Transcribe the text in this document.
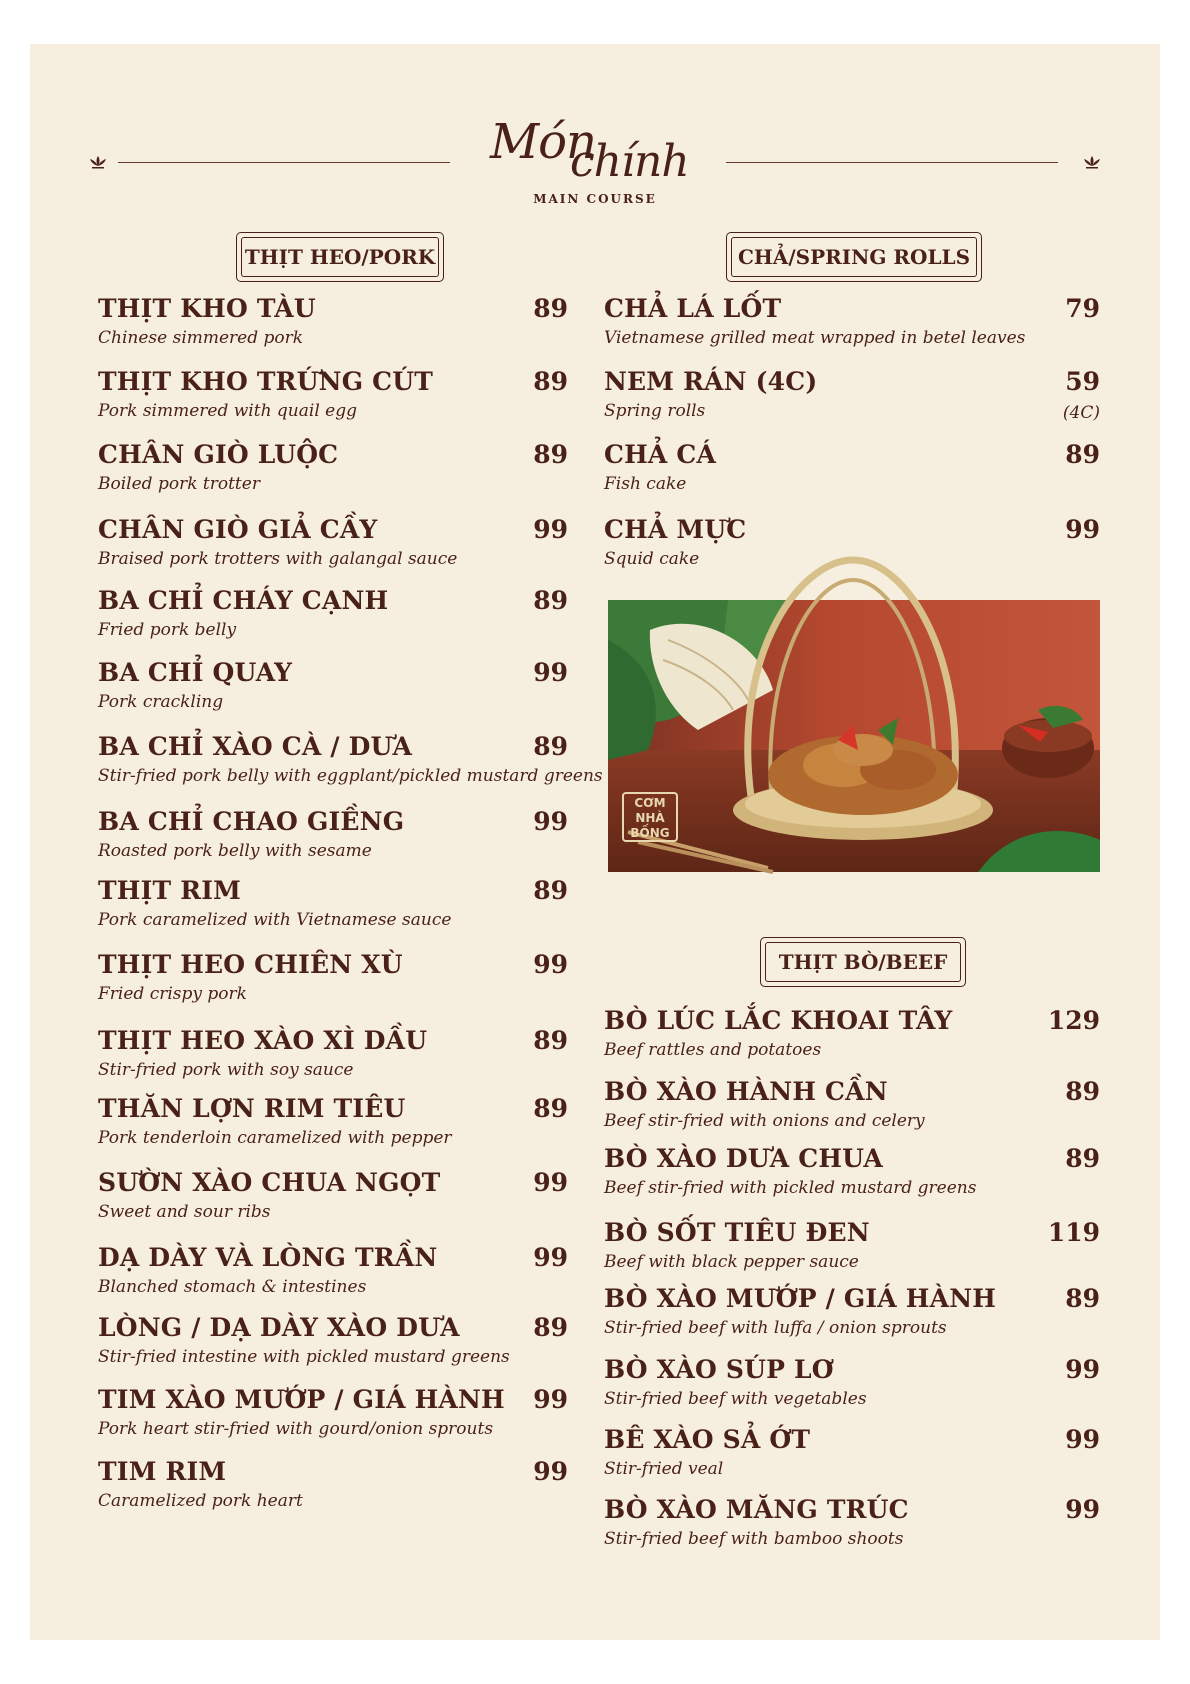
Món
chính
MAIN COURSE
THỊT HEO/PORK	CHẢ/SPRING ROLLS
THỊT BÒ/BEEF
THỊT KHO TÀU	89
Chinese simmered pork
THỊT KHO TRỨNG CÚT	89
Pork simmered with quail egg
CHÂN GIÒ LUỘC	89
Boiled pork trotter
CHÂN GIÒ GIẢ CẦY	99
Braised pork trotters with galangal sauce
BA CHỈ CHÁY CẠNH	89
Fried pork belly
BA CHỈ QUAY	99
Pork crackling
BA CHỈ XÀO CÀ / DƯA	89
Stir-fried pork belly with eggplant/pickled mustard greens
BA CHỈ CHAO GIỀNG	99
Roasted pork belly with sesame
THỊT RIM	89
Pork caramelized with Vietnamese sauce
THỊT HEO CHIÊN XÙ	99
Fried crispy pork
THỊT HEO XÀO XÌ DẦU	89
Stir-fried pork with soy sauce
THĂN LỢN RIM TIÊU	89
Pork tenderloin caramelized with pepper
SƯỜN XÀO CHUA NGỌT	99
Sweet and sour ribs
DẠ DÀY VÀ LÒNG TRẦN	99
Blanched stomach & intestines
LÒNG / DẠ DÀY XÀO DƯA	89
Stir-fried intestine with pickled mustard greens
TIM XÀO MƯỚP / GIÁ HÀNH 99
Pork heart stir-fried with gourd/onion sprouts
TIM RIM	99
Caramelized pork heart
CHẢ LÁ LỐT	79
Vietnamese grilled meat wrapped in betel leaves
NEM RÁN (4C)	59
Spring rolls	(4C)
CHẢ CÁ	89
Fish cake
CHẢ MỰC	99
Squid cake
BÒ LÚC LẮC KHOAI TÂY	129
Beef rattles and potatoes
BÒ XÀO HÀNH CẦN	89
Beef stir-fried with onions and celery
BÒ XÀO DƯA CHUA	89
Beef stir-fried with pickled mustard greens
BÒ SỐT TIÊU ĐEN	119
Beef with black pepper sauce
BÒ XÀO MƯỚP / GIÁ HÀNH	89
Stir-fried beef with luffa / onion sprouts
BÒ XÀO SÚP LƠ	99
Stir-fried beef with vegetables
BÊ XÀO SẢ ỚT	99
Stir-fried veal
BÒ XÀO MĂNG TRÚC	99
Stir-fried beef with bamboo shoots
CƠM
NHÀ
BỐNG
